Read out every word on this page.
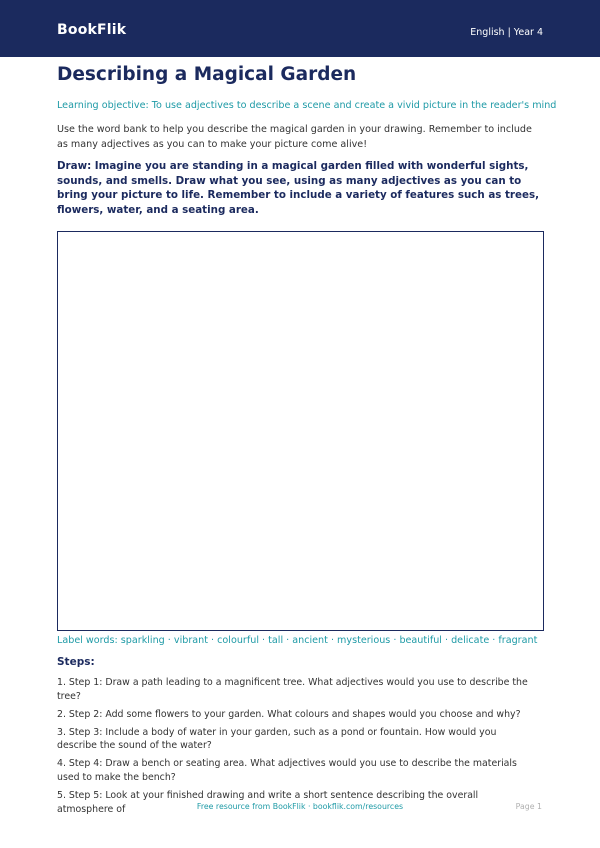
BookFlik	English | Year 4
Describing a Magical Garden
Learning objective: To use adjectives to describe a scene and create a vivid picture in the reader's mind
Use the word bank to help you describe the magical garden in your drawing. Remember to include as many adjectives as you can to make your picture come alive!
Draw: Imagine you are standing in a magical garden filled with wonderful sights, sounds, and smells. Draw what you see, using as many adjectives as you can to bring your picture to life. Remember to include a variety of features such as trees, flowers, water, and a seating area.
Label words: sparkling · vibrant · colourful · tall · ancient · mysterious · beautiful · delicate · fragrant
Steps:
1. Step 1: Draw a path leading to a magnificent tree. What adjectives would you use to describe the tree?
2. Step 2: Add some flowers to your garden. What colours and shapes would you choose and why?
3. Step 3: Include a body of water in your garden, such as a pond or fountain. How would you describe the sound of the water?
4. Step 4: Draw a bench or seating area. What adjectives would you use to describe the materials used to make the bench?
5. Step 5: Look at your finished drawing and write a short sentence describing the overall atmosphere of	Free resource from BookFlik · bookflik.com/resources	Page 1
